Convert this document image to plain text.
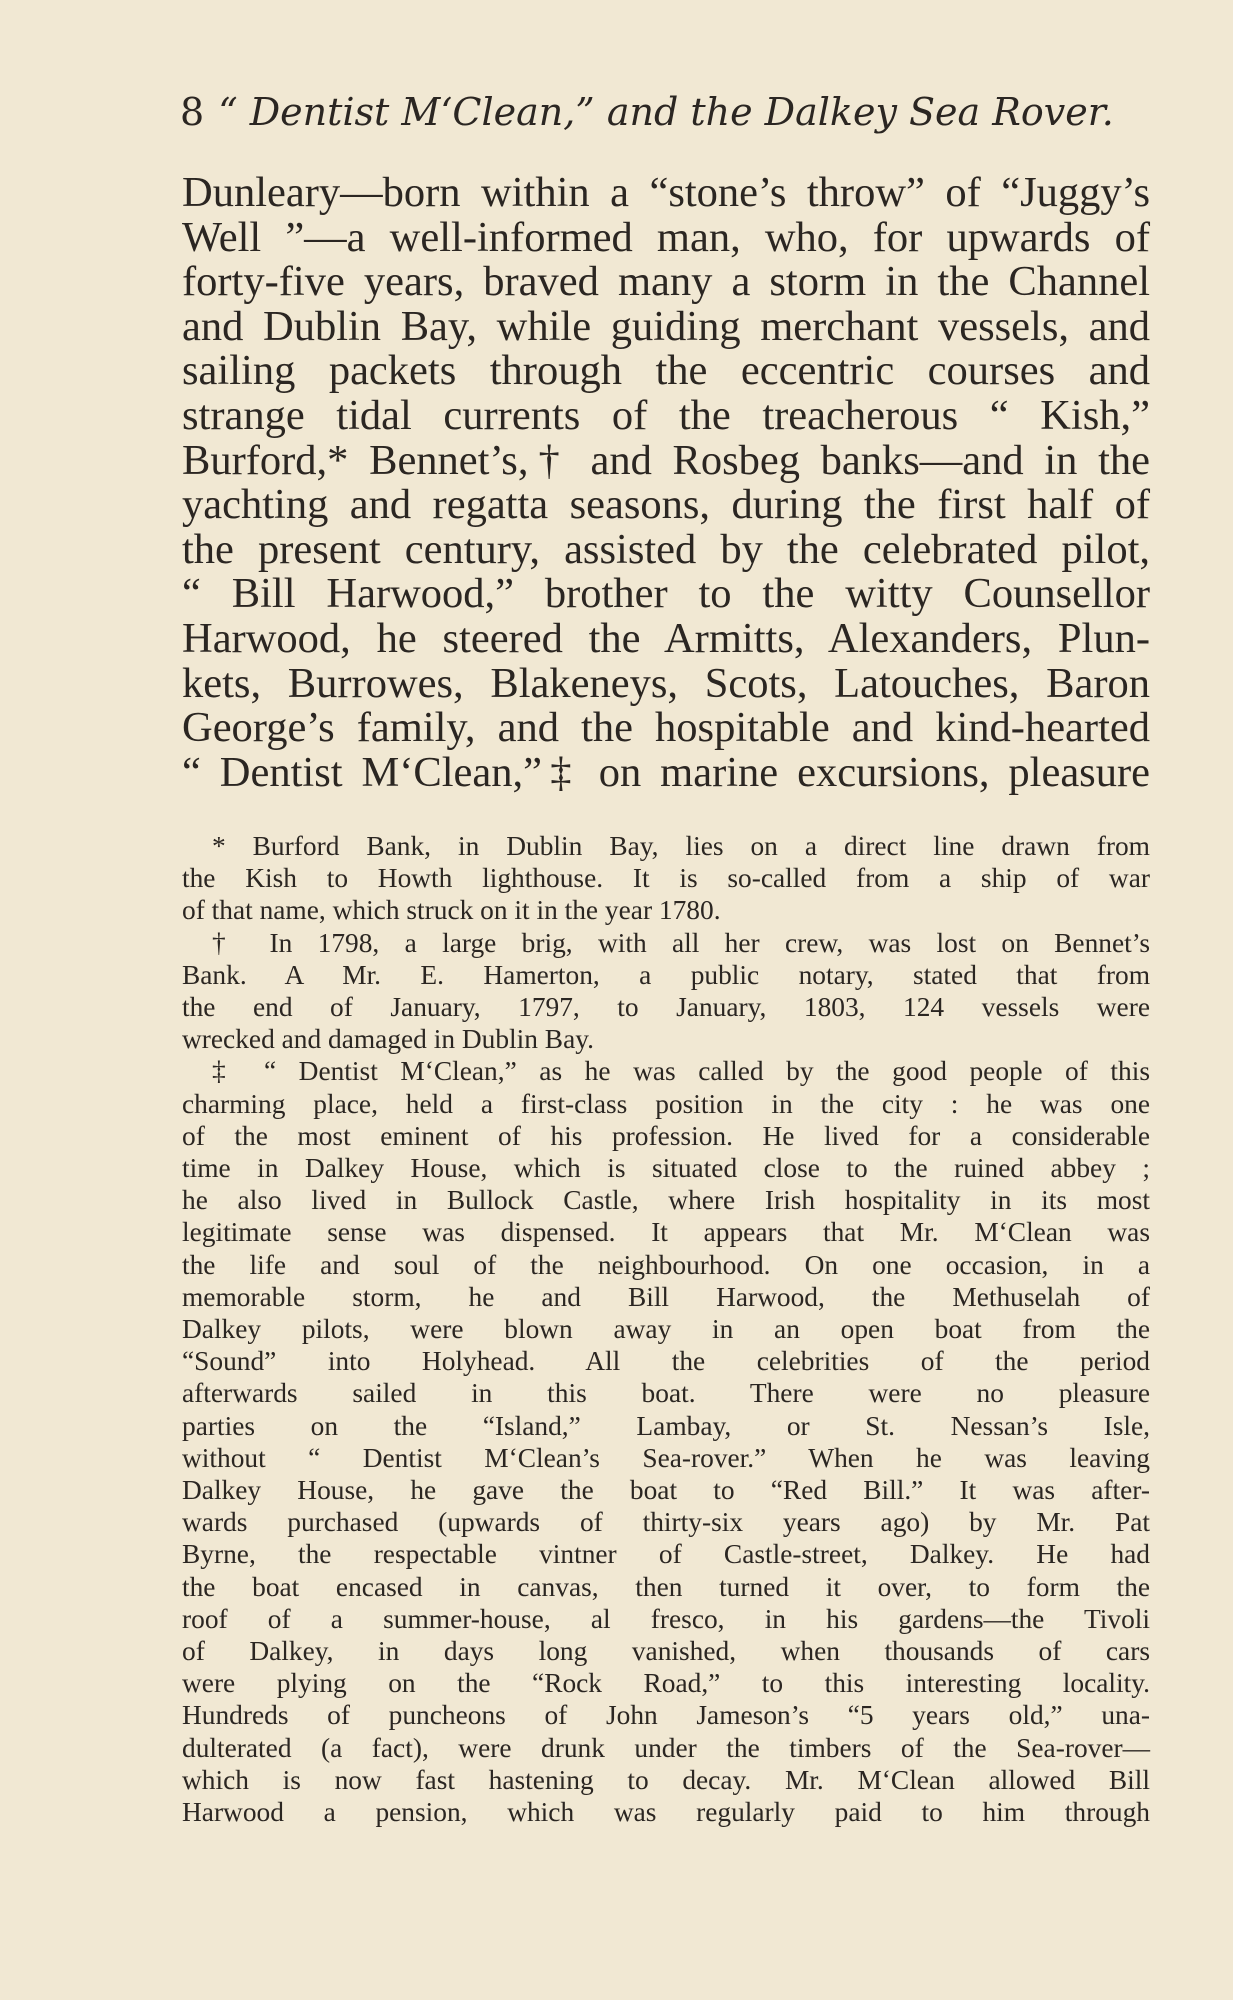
8 “ Dentist M‘Clean,” and the Dalkey Sea Rover.
Dunleary—born within a “stone’s throw” of “Juggy’s
Well ”—a well-informed man, who, for upwards of
forty-five years, braved many a storm in the Channel
and Dublin Bay, while guiding merchant vessels, and
sailing packets through the eccentric courses and
strange tidal currents of the treacherous “ Kish,”
Burford,* Bennet’s,† and Rosbeg banks—and in the
yachting and regatta seasons, during the first half of
the present century, assisted by the celebrated pilot,
“ Bill Harwood,” brother to the witty Counsellor
Harwood, he steered the Armitts, Alexanders, Plun-
kets, Burrowes, Blakeneys, Scots, Latouches, Baron
George’s family, and the hospitable and kind-hearted
“ Dentist M‘Clean,”‡ on marine excursions, pleasure
* Burford Bank, in Dublin Bay, lies on a direct line drawn from
the Kish to Howth lighthouse. It is so-called from a ship of war
of that name, which struck on it in the year 1780.
† In 1798, a large brig, with all her crew, was lost on Bennet’s
Bank. A Mr. E. Hamerton, a public notary, stated that from
the end of January, 1797, to January, 1803, 124 vessels were
wrecked and damaged in Dublin Bay.
‡ “ Dentist M‘Clean,” as he was called by the good people of this
charming place, held a first-class position in the city : he was one
of the most eminent of his profession. He lived for a considerable
time in Dalkey House, which is situated close to the ruined abbey ;
he also lived in Bullock Castle, where Irish hospitality in its most
legitimate sense was dispensed. It appears that Mr. M‘Clean was
the life and soul of the neighbourhood. On one occasion, in a
memorable storm, he and Bill Harwood, the Methuselah of
Dalkey pilots, were blown away in an open boat from the
“Sound” into Holyhead. All the celebrities of the period
afterwards sailed in this boat. There were no pleasure
parties on the “Island,” Lambay, or St. Nessan’s Isle,
without “ Dentist M‘Clean’s Sea-rover.” When he was leaving
Dalkey House, he gave the boat to “Red Bill.” It was after-
wards purchased (upwards of thirty-six years ago) by Mr. Pat
Byrne, the respectable vintner of Castle-street, Dalkey. He had
the boat encased in canvas, then turned it over, to form the
roof of a summer-house, al fresco, in his gardens—the Tivoli
of Dalkey, in days long vanished, when thousands of cars
were plying on the “Rock Road,” to this interesting locality.
Hundreds of puncheons of John Jameson’s “5 years old,” una-
dulterated (a fact), were drunk under the timbers of the Sea-rover—
which is now fast hastening to decay. Mr. M‘Clean allowed Bill
Harwood a pension, which was regularly paid to him through
